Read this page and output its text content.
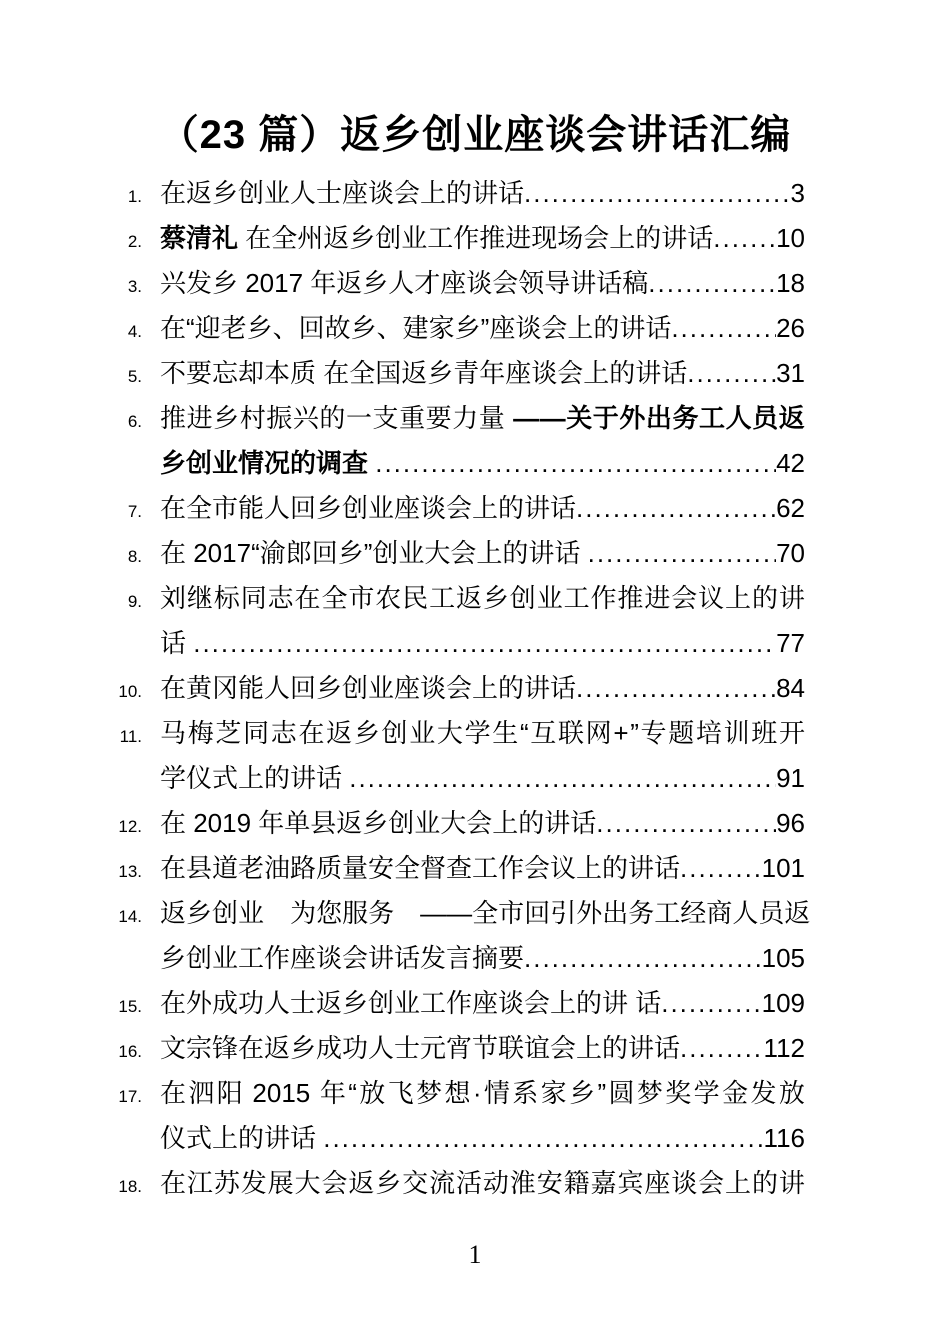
（23 篇）返乡创业座谈会讲话汇编
1. 在返乡创业人士座谈会上的讲话 .....	3
2. 蔡清礼 在全州返乡创业工作推进现场会上的讲话 ..... 10
3. 兴发乡 2017 年返乡人才座谈会领导讲话稿 .....	18
4. 在“迎老乡、回故乡、建家乡”座谈会上的讲话 .....	26
5. 不要忘却本质 在全国返乡青年座谈会上的讲话 .....	31
6. 推 进 乡 村 振 兴 的 一 支 重 要 力 量
— — 关 于 外 出 务 工 人 员 返
乡创业情况的调查 .....	42
7. 在全市能人回乡创业座谈会上的讲话 .....	62
8. 在 2017“渝郎回乡”创业大会上的讲话 .....	70
9. 刘 继 标 同 志 在 全 市 农 民 工 返 乡 创 业 工 作 推 进 会 议 上 的 讲
话 .....	77
10. 在黄冈能人回乡创业座谈会上的讲话 .....	84
11. 马 梅 芝 同 志 在 返 乡 创 业 大 学 生 “ 互 联 网 + ” 专 题 培 训 班 开
学仪式上的讲话 .....	91
12. 在 2019 年单县返乡创业大会上的讲话 .....	96
13. 在县道老油路质量安全督查工作会议上的讲话 .....	101
14. 返 乡 创 业
　 为 您 服 务
　 — — 全 市 回 引 外 出 务 工 经 商 人 员 返
乡创业工作座谈会讲话发言摘要 .....	105
15. 在外成功人士返乡创业工作座谈会上的讲 话 .....	109
16. 文宗锋在返乡成功人士元宵节联谊会上的讲话 .....	112
17. 在 泗 阳 2015 年 “ 放 飞 梦 想 · 情 系 家 乡 ” 圆 梦 奖 学 金 发 放
仪式上的讲话 .....	116
18. 在 江 苏 发 展 大 会 返 乡 交 流 活 动 淮 安 籍 嘉 宾 座 谈 会 上 的 讲
1
